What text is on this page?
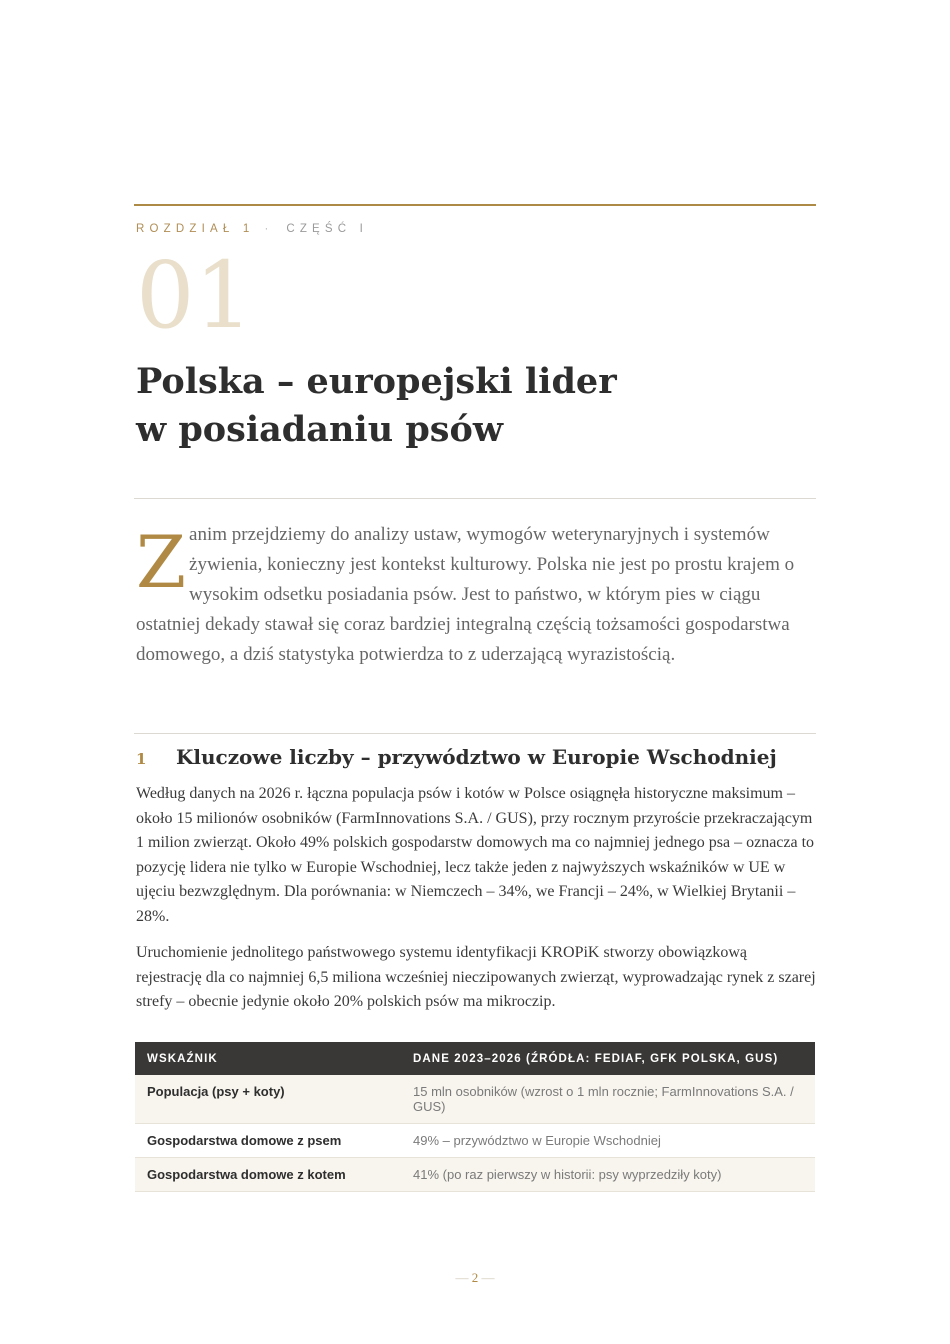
ROZDZIAŁ 1 · CZĘŚĆ I
01
Polska – europejski lider
w posiadaniu psów

Zanim przejdziemy do analizy ustaw, wymogów weterynaryjnych i systemów żywienia, konieczny jest kontekst kulturowy. Polska nie jest po prostu krajem o wysokim odsetku posiadania psów. Jest to państwo, w którym pies w ciągu ostatniej dekady stawał się coraz bardziej integralną częścią tożsamości gospodarstwa domowego, a dziś statystyka potwierdza to z uderzającą wyrazistością.

1 Kluczowe liczby – przywództwo w Europie Wschodniej

Według danych na 2026 r. łączna populacja psów i kotów w Polsce osiągnęła historyczne maksimum – około 15 milionów osobników (FarmInnovations S.A. / GUS), przy rocznym przyroście przekraczającym 1 milion zwierząt. Około 49% polskich gospodarstw domowych ma co najmniej jednego psa – oznacza to pozycję lidera nie tylko w Europie Wschodniej, lecz także jeden z najwyższych wskaźników w UE w ujęciu bezwzględnym. Dla porównania: w Niemczech – 34%, we Francji – 24%, w Wielkiej Brytanii – 28%.

Uruchomienie jednolitego państwowego systemu identyfikacji KROPiK stworzy obowiązkową rejestrację dla co najmniej 6,5 miliona wcześniej nieczipowanych zwierząt, wyprowadzając rynek z szarej strefy – obecnie jedynie około 20% polskich psów ma mikroczip.

WSKAŹNIK	DANE 2023–2026 (ŹRÓDŁA: FEDIAF, GFK POLSKA, GUS)
Populacja (psy + koty)	15 mln osobników (wzrost o 1 mln rocznie; FarmInnovations S.A. / GUS)
Gospodarstwa domowe z psem	49% – przywództwo w Europie Wschodniej
Gospodarstwa domowe z kotem	41% (po raz pierwszy w historii: psy wyprzedziły koty)
— 2 —
